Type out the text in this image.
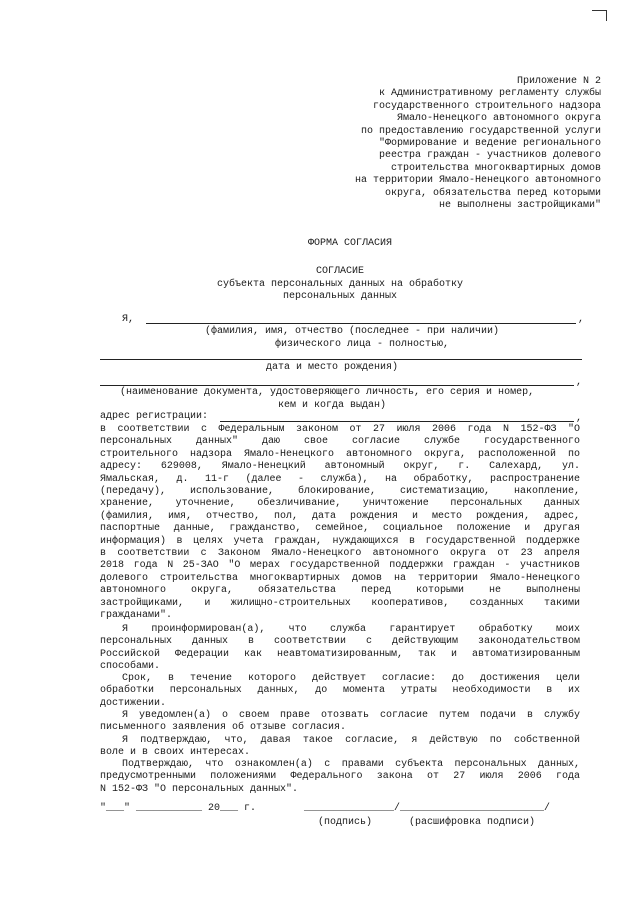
Приложение N 2
к Административному регламенту службы
государственного строительного надзора
Ямало-Ненецкого автономного округа
по предоставлению государственной услуги
"Формирование и ведение регионального
реестра граждан - участников долевого
строительства многоквартирных домов
на территории Ямало-Ненецкого автономного
округа, обязательства перед которыми
не выполнены застройщиками"
ФОРМА СОГЛАСИЯ
СОГЛАСИЕ
субъекта персональных данных на обработку
персональных данных
Я,	,
(фамилия, имя, отчество (последнее - при наличии)
физического лица - полностью,
дата и место рождения)
,
(наименование документа, удостоверяющего личность, его серия и номер,
кем и когда выдан)
адрес регистрации:	,
в соответствии с Федеральным законом от 27 июля 2006 года N 152-ФЗ "О
персональных данных" даю свое согласие службе государственного
строительного надзора Ямало-Ненецкого автономного округа, расположенной по
адресу: 629008, Ямало-Ненецкий автономный округ, г. Салехард, ул.
Ямальская, д. 11-г (далее - служба), на обработку, распространение
(передачу), использование, блокирование, систематизацию, накопление,
хранение, уточнение, обезличивание, уничтожение персональных данных
(фамилия, имя, отчество, пол, дата рождения и место рождения, адрес,
паспортные данные, гражданство, семейное, социальное положение и другая
информация) в целях учета граждан, нуждающихся в государственной поддержке
в соответствии с Законом Ямало-Ненецкого автономного округа от 23 апреля
2018 года N 25-ЗАО "О мерах государственной поддержки граждан - участников
долевого строительства многоквартирных домов на территории Ямало-Ненецкого
автономного округа, обязательства перед которыми не выполнены
застройщиками, и жилищно-строительных кооперативов, созданных такими
гражданами".
Я проинформирован(а), что служба гарантирует обработку моих
персональных данных в соответствии с действующим законодательством
Российской Федерации как неавтоматизированным, так и автоматизированным
способами.
Срок, в течение которого действует согласие: до достижения цели
обработки персональных данных, до момента утраты необходимости в их
достижении.
Я уведомлен(а) о своем праве отозвать согласие путем подачи в службу
письменного заявления об отзыве согласия.
Я подтверждаю, что, давая такое согласие, я действую по собственной
воле и в своих интересах.
Подтверждаю, что ознакомлен(а) с правами субъекта персональных данных,
предусмотренными положениями Федерального закона от 27 июля 2006 года
N 152-ФЗ "О персональных данных".
"___" ___________ 20___ г.	_______________/________________________/
(подпись)	(расшифровка подписи)
